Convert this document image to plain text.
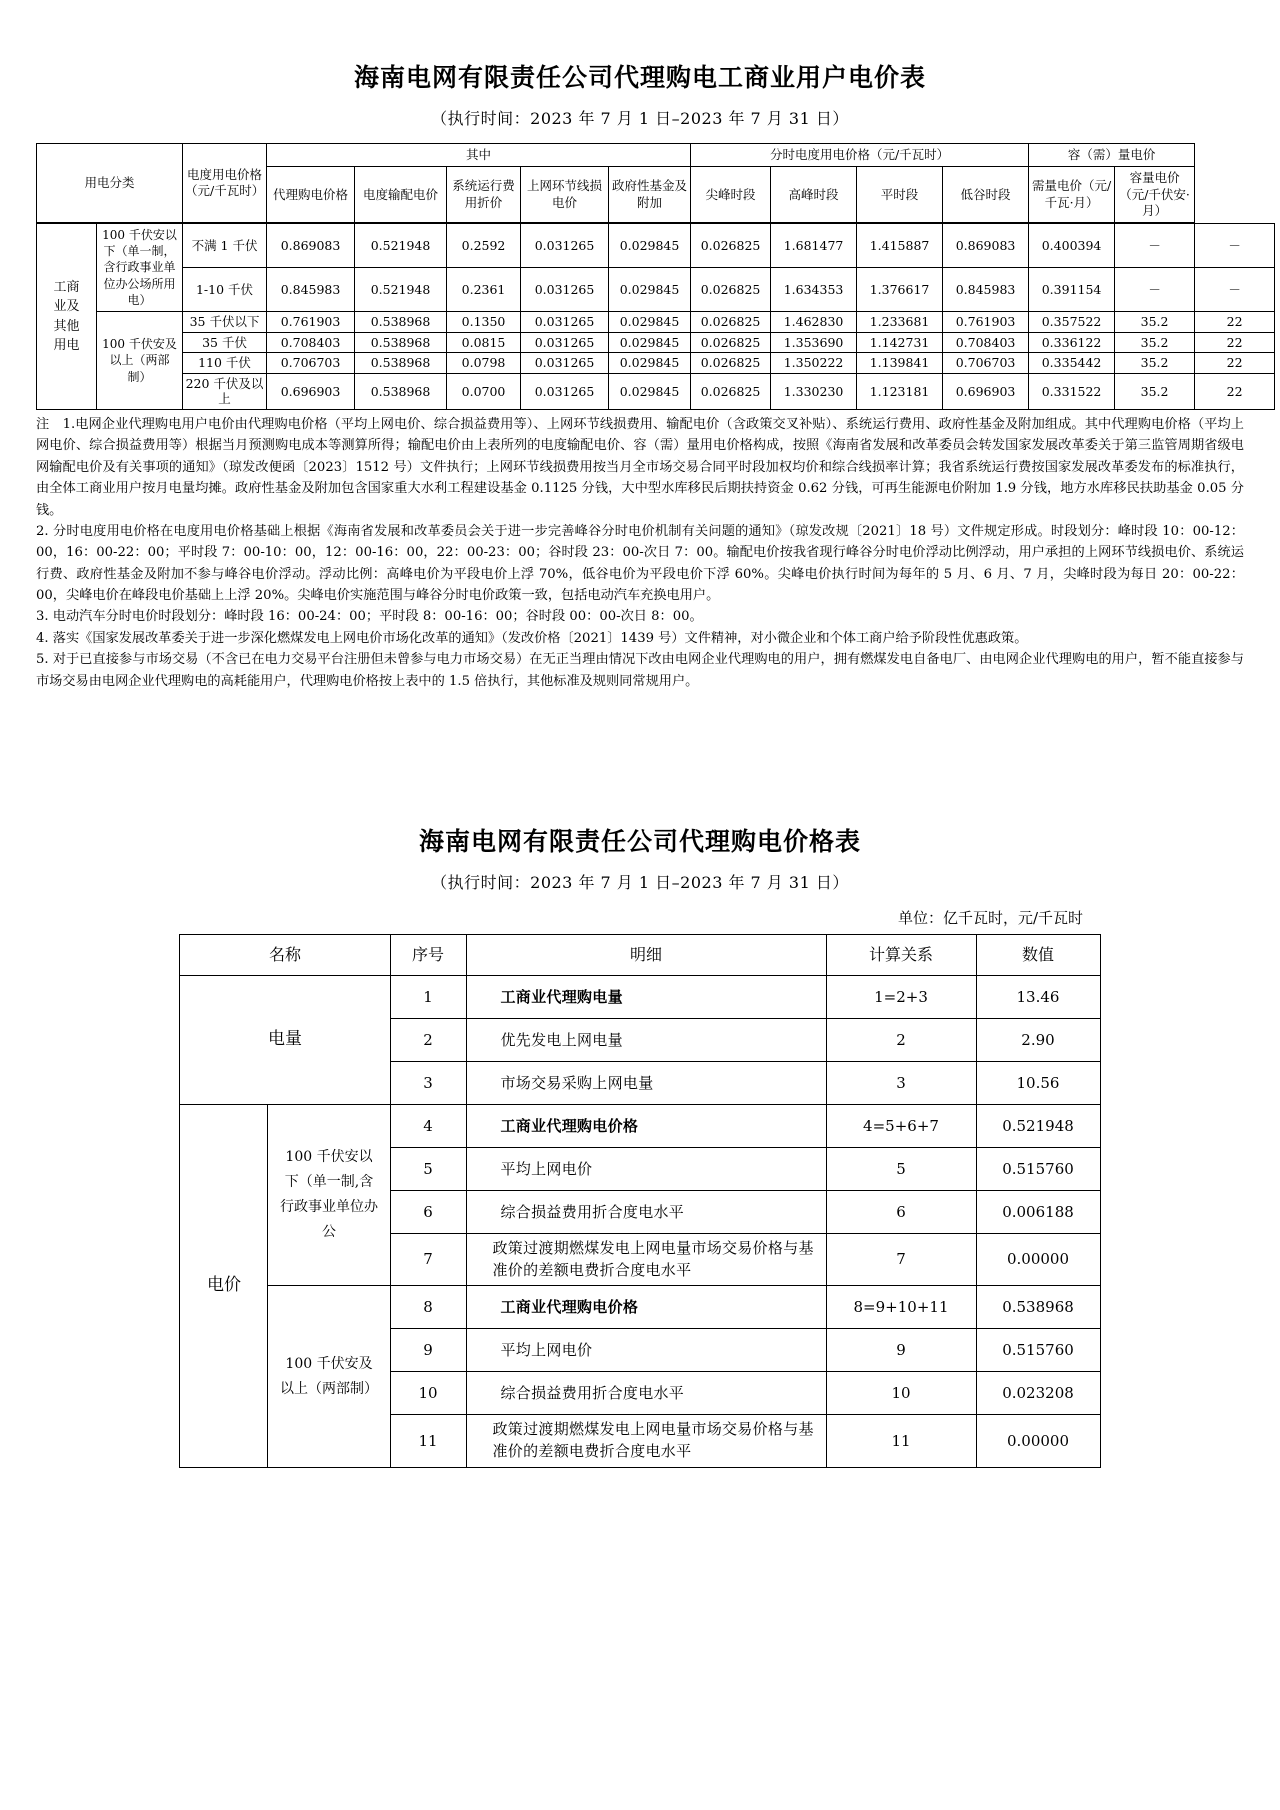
海南电网有限责任公司代理购电工商业用户电价表
（执行时间：2023 年 7 月 1 日–2023 年 7 月 31 日）
用电分类		电度用电价格（元/千瓦时）	其中					分时电度用电价格（元/千瓦时）				容（需）量电价		
			代理购电价格	电度输配电价	系统运行费用折价	上网环节线损电价	政府性基金及附加	尖峰时段	高峰时段	平时段	低谷时段	需量电价（元/千瓦·月）	容量电价（元/千伏安·月）	
工商
业及
其他
用电	100 千伏安以下（单一制，含行政事业单位办公场所用电）	不满 1 千伏	0.869083	0.521948	0.2592	0.031265	0.029845	0.026825	1.681477	1.415887	0.869083	0.400394	－	－
		1-10 千伏	0.845983	0.521948	0.2361	0.031265	0.029845	0.026825	1.634353	1.376617	0.845983	0.391154	－	－
	100 千伏安及以上（两部制）	35 千伏以下	0.761903	0.538968	0.1350	0.031265	0.029845	0.026825	1.462830	1.233681	0.761903	0.357522	35.2	22
		35 千伏	0.708403	0.538968	0.0815	0.031265	0.029845	0.026825	1.353690	1.142731	0.708403	0.336122	35.2	22
		110 千伏	0.706703	0.538968	0.0798	0.031265	0.029845	0.026825	1.350222	1.139841	0.706703	0.335442	35.2	22
		220 千伏及以上	0.696903	0.538968	0.0700	0.031265	0.029845	0.026825	1.330230	1.123181	0.696903	0.331522	35.2	22

注　1.电网企业代理购电用户电价由代理购电价格（平均上网电价、综合损益费用等）、上网环节线损费用、输配电价（含政策交叉补贴）、系统运行费用、政府性基金及附加组成。其中代理购电价格（平均上网电价、综合损益费用等）根据当月预测购电成本等测算所得；输配电价由上表所列的电度输配电价、容（需）量用电价格构成，按照《海南省发展和改革委员会转发国家发展改革委关于第三监管周期省级电网输配电价及有关事项的通知》（琼发改便函〔2023〕1512 号）文件执行；上网环节线损费用按当月全市场交易合同平时段加权均价和综合线损率计算；我省系统运行费按国家发展改革委发布的标准执行，由全体工商业用户按月电量均摊。政府性基金及附加包含国家重大水利工程建设基金 0.1125 分钱，大中型水库移民后期扶持资金 0.62 分钱，可再生能源电价附加 1.9 分钱，地方水库移民扶助基金 0.05 分钱。

2. 分时电度用电价格在电度用电价格基础上根据《海南省发展和改革委员会关于进一步完善峰谷分时电价机制有关问题的通知》（琼发改规〔2021〕18 号）文件规定形成。时段划分：峰时段 10：00-12：00，16：00-22：00；平时段 7：00-10：00，12：00-16：00，22：00-23：00；谷时段 23：00-次日 7：00。输配电价按我省现行峰谷分时电价浮动比例浮动，用户承担的上网环节线损电价、系统运行费、政府性基金及附加不参与峰谷电价浮动。浮动比例：高峰电价为平段电价上浮 70%，低谷电价为平段电价下浮 60%。尖峰电价执行时间为每年的 5 月、6 月、7 月，尖峰时段为每日 20：00-22：00，尖峰电价在峰段电价基础上上浮 20%。尖峰电价实施范围与峰谷分时电价政策一致，包括电动汽车充换电用户。

3. 电动汽车分时电价时段划分：峰时段 16：00-24：00；平时段 8：00-16：00；谷时段 00：00-次日 8：00。

4. 落实《国家发展改革委关于进一步深化燃煤发电上网电价市场化改革的通知》（发改价格〔2021〕1439 号）文件精神，对小微企业和个体工商户给予阶段性优惠政策。

5. 对于已直接参与市场交易（不含已在电力交易平台注册但未曾参与电力市场交易）在无正当理由情况下改由电网企业代理购电的用户，拥有燃煤发电自备电厂、由电网企业代理购电的用户，暂不能直接参与市场交易由电网企业代理购电的高耗能用户，代理购电价格按上表中的 1.5 倍执行，其他标准及规则同常规用户。

海南电网有限责任公司代理购电价格表
（执行时间：2023 年 7 月 1 日–2023 年 7 月 31 日）
单位：亿千瓦时，元/千瓦时
名称		序号	明细	计算关系	数值
电量		1	工商业代理购电量	1=2+3	13.46
		2	优先发电上网电量	2	2.90
		3	市场交易采购上网电量	3	10.56
电价	100 千伏安以下（单一制,含行政事业单位办公	4	工商业代理购电价格	4=5+6+7	0.521948
		5	平均上网电价	5	0.515760
		6	综合损益费用折合度电水平	6	0.006188
		7	政策过渡期燃煤发电上网电量市场交易价格与基准价的差额电费折合度电水平	7	0.00000
	100 千伏安及以上（两部制）	8	工商业代理购电价格	8=9+10+11	0.538968
		9	平均上网电价	9	0.515760
		10	综合损益费用折合度电水平	10	0.023208
		11	政策过渡期燃煤发电上网电量市场交易价格与基准价的差额电费折合度电水平	11	0.00000
